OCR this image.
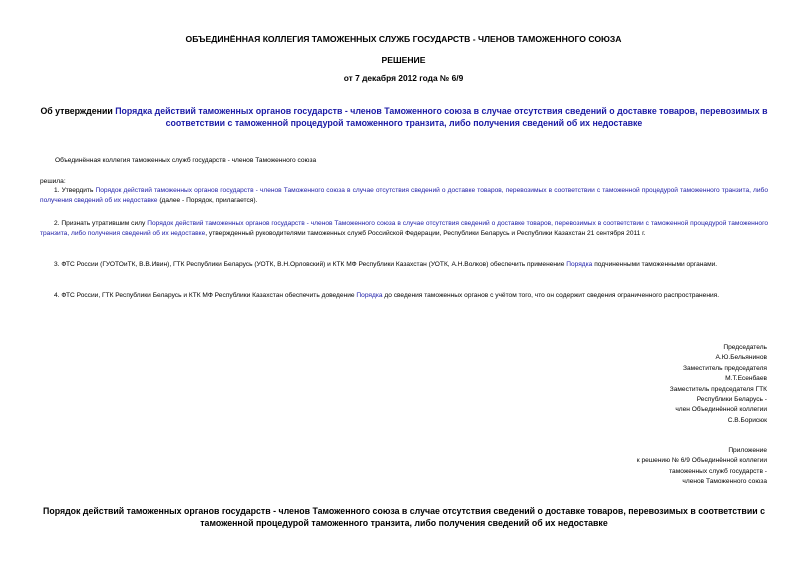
ОБЪЕДИНЁННАЯ КОЛЛЕГИЯ ТАМОЖЕННЫХ СЛУЖБ ГОСУДАРСТВ - ЧЛЕНОВ ТАМОЖЕННОГО СОЮЗА
РЕШЕНИЕ
от 7 декабря 2012 года № 6/9
Об утверждении Порядка действий таможенных органов государств - членов Таможенного союза в случае отсутствия сведений о доставке товаров, перевозимых в соответствии с таможенной процедурой таможенного транзита, либо получения сведений об их недоставке
Объединённая коллегия таможенных служб государств - членов Таможенного союза
решила:
1. Утвердить Порядок действий таможенных органов государств - членов Таможенного союза в случае отсутствия сведений о доставке товаров, перевозимых в соответствии с таможенной процедурой таможенного транзита, либо получения сведений об их недоставке (далее - Порядок, прилагается).
2. Признать утратившим силу Порядок действий таможенных органов государств - членов Таможенного союза в случае отсутствия сведений о доставке товаров, перевозимых в соответствии с таможенной процедурой таможенного транзита, либо получения сведений об их недоставке, утвержденный руководителями таможенных служб Российской Федерации, Республики Беларусь и Республики Казахстан 21 сентября 2011 г.
3. ФТС России (ГУОТОиТК, В.В.Ивин), ГТК Республики Беларусь (УОТК, В.Н.Орловский) и КТК МФ Республики Казахстан (УОТК, А.Н.Волков) обеспечить применение Порядка подчиненными таможенными органами.
4. ФТС России, ГТК Республики Беларусь и КТК МФ Республики Казахстан обеспечить доведение Порядка до сведения таможенных органов с учётом того, что он содержит сведения ограниченного распространения.
Председатель
А.Ю.Бельянинов
Заместитель председателя
М.Т.Есенбаев
Заместитель председателя ГТК
Республики Беларусь -
член Объединённой коллегии
С.В.Борисюк
Приложение
к решению № 6/9 Объединённой коллегии
таможенных служб государств -
членов Таможенного союза
Порядок действий таможенных органов государств - членов Таможенного союза в случае отсутствия сведений о доставке товаров, перевозимых в соответствии с таможенной процедурой таможенного транзита, либо получения сведений об их недоставке
